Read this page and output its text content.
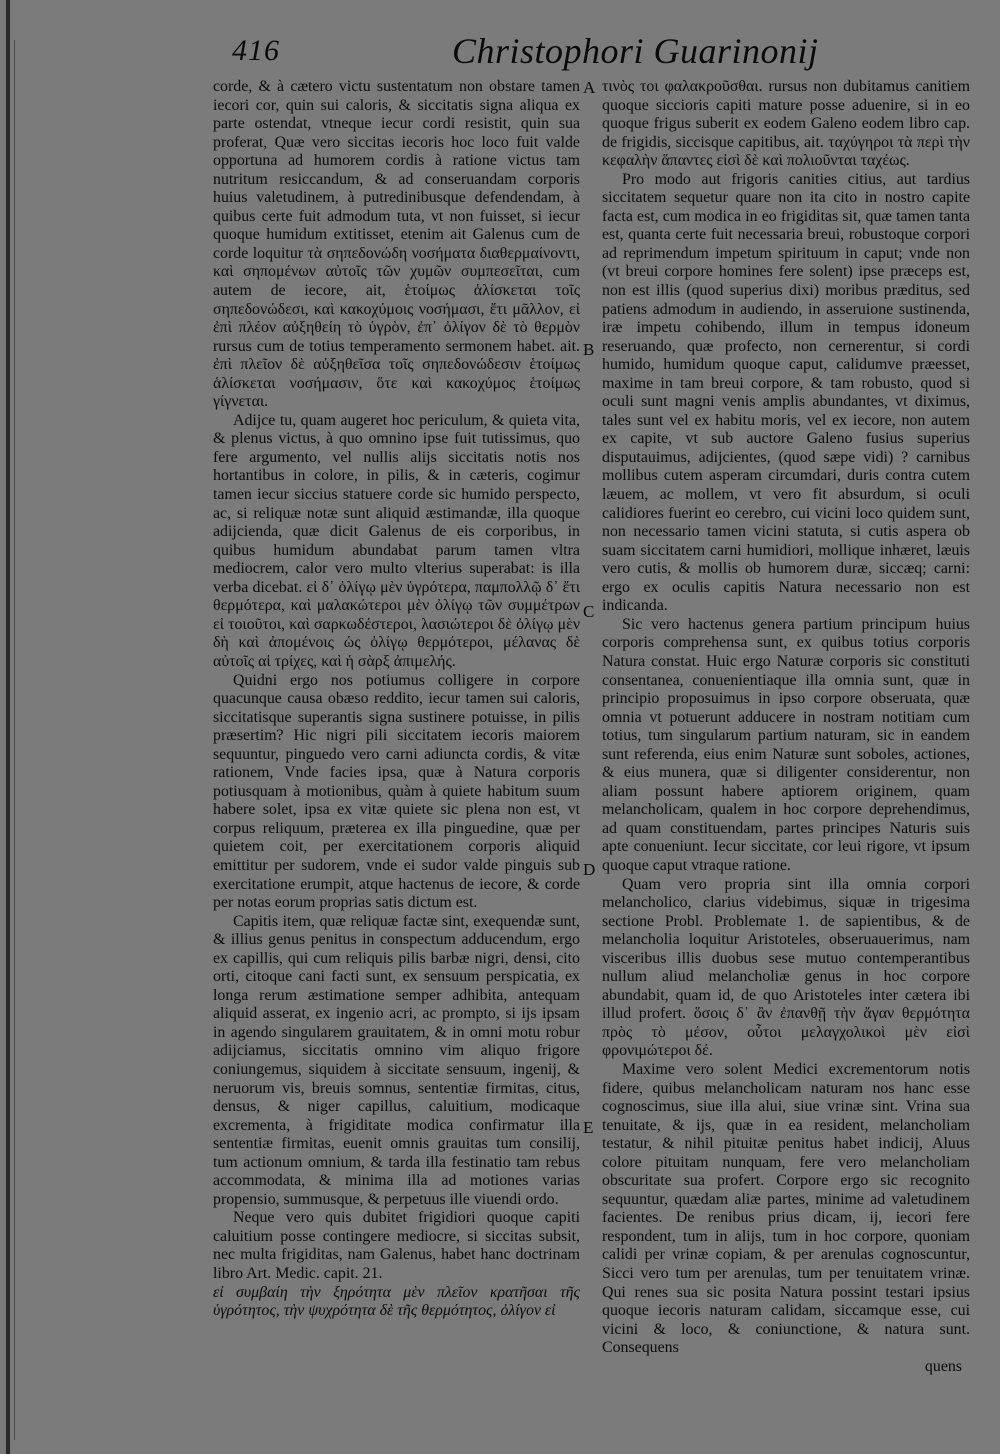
416	Christophori Guarinonij
A
B
C
D
E

corde, & à cætero victu sustentatum non obstare tamen iecori cor, quin sui caloris, & siccitatis signa aliqua ex parte ostendat, vtneque iecur cordi resistit, quin sua proferat, Quæ vero siccitas iecoris hoc loco fuit valde opportuna ad humorem cordis à ratione victus tam nutritum resiccandum, & ad conseruandam corporis huius valetudinem, à putredinibusque defendendam, à quibus certe fuit admodum tuta, vt non fuisset, si iecur quoque humidum extitisset, etenim ait Galenus cum de corde loquitur τὰ σηπεδονώδη νοσήματα διαθερμαίνοντι, καὶ σηπομένων αὐτοῖς τῶν χυμῶν συμπεσεῖται, cum autem de iecore, ait, ἑτοίμως ἁλίσκεται τοῖς σηπεδονώδεσι, καὶ κακοχύμοις νοσήμασι, ἔτι μᾶλλον, εἰ ἐπὶ πλέον αὐξηθείη τὸ ὑγρὸν, ἐπ᾿ ὀλίγον δὲ τὸ θερμὸν rursus cum de totius temperamento sermonem habet. ait. ἐπὶ πλεῖον δὲ αὐξηθεῖσα τοῖς σηπεδονώδεσιν ἑτοίμως ἁλίσκεται νοσήμασιν, ὅτε καὶ κακοχύμος ἑτοίμως γίγνεται.

Adijce tu, quam augeret hoc periculum, & quieta vita, & plenus victus, à quo omnino ipse fuit tutissimus, quo fere argumento, vel nullis alijs siccitatis notis nos hortantibus in colore, in pilis, & in cæteris, cogimur tamen iecur siccius statuere corde sic humido perspecto, ac, si reliquæ notæ sunt aliquid æstimandæ, illa quoque adijcienda, quæ dicit Galenus de eis corporibus, in quibus humidum abundabat parum tamen vltra mediocrem, calor vero multo vlterius superabat: is illa verba dicebat. εἰ δ᾿ ὀλίγῳ μὲν ὑγρότερα, παμπολλῷ δ᾿ ἔτι θερμότερα, καὶ μαλακώτεροι μὲν ὀλίγῳ τῶν συμμέτρων εἰ τοιοῦτοι, καὶ σαρκωδέστεροι, λασιώτεροι δὲ ὀλίγῳ μὲν δὴ καὶ ἀπομένοις ὡς ὀλίγῳ θερμότεροι, μέλανας δὲ αὐτοῖς αἱ τρίχες, καὶ ἡ σὰρξ ἀπιμελής.

Quidni ergo nos potiumus colligere in corpore quacunque causa obæso reddito, iecur tamen sui caloris, siccitatisque superantis signa sustinere potuisse, in pilis præsertim? Hic nigri pili siccitatem iecoris maiorem sequuntur, pinguedo vero carni adiuncta cordis, & vitæ rationem, Vnde facies ipsa, quæ à Natura corporis potiusquam à motionibus, quàm à quiete habitum suum habere solet, ipsa ex vitæ quiete sic plena non est, vt corpus reliquum, præterea ex illa pinguedine, quæ per quietem coit, per exercitationem corporis aliquid emittitur per sudorem, vnde ei sudor valde pinguis sub exercitatione erumpit, atque hactenus de iecore, & corde per notas eorum proprias satis dictum est.

Capitis item, quæ reliquæ factæ sint, exequendæ sunt, & illius genus penitus in conspectum adducendum, ergo ex capillis, qui cum reliquis pilis barbæ nigri, densi, cito orti, citoque cani facti sunt, ex sensuum perspicatia, ex longa rerum æstimatione semper adhibita, antequam aliquid asserat, ex ingenio acri, ac prompto, si ijs ipsam in agendo singularem grauitatem, & in omni motu robur adijciamus, siccitatis omnino vim aliquo frigore coniungemus, siquidem à siccitate sensuum, ingenij, & neruorum vis, breuis somnus, sententiæ firmitas, citus, densus, & niger capillus, caluitium, modicaque excrementa, à frigiditate modica confirmatur illa sententiæ firmitas, euenit omnis grauitas tum consilij, tum actionum omnium, & tarda illa festinatio tam rebus accommodata, & minima illa ad motiones varias propensio, summusque, & perpetuus ille viuendi ordo.

Neque vero quis dubitet frigidiori quoque capiti caluitium posse contingere mediocre, si siccitas subsit, nec multa frigiditas, nam Galenus, habet hanc doctrinam libro Art. Medic. capit. 21.

εἰ συμβαίη τὴν ξηρότητα μὲν πλεῖον κρατῆσαι τῆς ὑγρότητος, τὴν ψυχρότητα δὲ τῆς θερμότητος, ὀλίγον εἰ

τινὸς τοι φαλακροῦσθαι. rursus non dubitamus canitiem quoque siccioris capiti mature posse aduenire, si in eo quoque frigus suberit ex eodem Galeno eodem libro cap. de frigidis, siccisque capitibus, ait. ταχύγηροι τὰ περὶ τὴν κεφαλὴν ἅπαντες εἰσὶ δὲ καὶ πολιοῦνται ταχέως.

Pro modo aut frigoris canities citius, aut tardius siccitatem sequetur quare non ita cito in nostro capite facta est, cum modica in eo frigiditas sit, quæ tamen tanta est, quanta certe fuit necessaria breui, robustoque corpori ad reprimendum impetum spirituum in caput; vnde non (vt breui corpore homines fere solent) ipse præceps est, non est illis (quod superius dixi) moribus præditus, sed patiens admodum in audiendo, in asseruione sustinenda, iræ impetu cohibendo, illum in tempus idoneum reseruando, quæ profecto, non cernerentur, si cordi humido, humidum quoque caput, calidumve præesset, maxime in tam breui corpore, & tam robusto, quod si oculi sunt magni venis amplis abundantes, vt diximus, tales sunt vel ex habitu moris, vel ex iecore, non autem ex capite, vt sub auctore Galeno fusius superius disputauimus, adijcientes, (quod sæpe vidi) ? carnibus mollibus cutem asperam circumdari, duris contra cutem læuem, ac mollem, vt vero fit absurdum, si oculi calidiores fuerint eo cerebro, cui vicini loco quidem sunt, non necessario tamen vicini statuta, si cutis aspera ob suam siccitatem carni humidiori, mollique inhæret, læuis vero cutis, & mollis ob humorem duræ, siccæq; carni: ergo ex oculis capitis Natura necessario non est indicanda.

Sic vero hactenus genera partium principum huius corporis comprehensa sunt, ex quibus totius corporis Natura constat. Huic ergo Naturæ corporis sic constituti consentanea, conuenientiaque illa omnia sunt, quæ in principio proposuimus in ipso corpore obseruata, quæ omnia vt potuerunt adducere in nostram notitiam cum totius, tum singularum partium naturam, sic in eandem sunt referenda, eius enim Naturæ sunt soboles, actiones, & eius munera, quæ si diligenter considerentur, non aliam possunt habere aptiorem originem, quam melancholicam, qualem in hoc corpore deprehendimus, ad quam constituendam, partes principes Naturis suis apte conueniunt. Iecur siccitate, cor leui rigore, vt ipsum quoque caput vtraque ratione.

Quam vero propria sint illa omnia corpori melancholico, clarius videbimus, siquæ in trigesima sectione Probl. Problemate 1. de sapientibus, & de melancholia loquitur Aristoteles, obseruauerimus, nam visceribus illis duobus sese mutuo contemperantibus nullum aliud melancholiæ genus in hoc corpore abundabit, quam id, de quo Aristoteles inter cætera ibi illud profert. ὅσοις δ᾿ ἂν ἐπανθῇ τὴν ἄγαν θερμότητα πρὸς τὸ μέσον, οὗτοι μελαγχολικοὶ μὲν εἰσὶ φρονιμώτεροι δέ.

Maxime vero solent Medici excrementorum notis fidere, quibus melancholicam naturam nos hanc esse cognoscimus, siue illa alui, siue vrinæ sint. Vrina sua tenuitate, & ijs, quæ in ea resident, melancholiam testatur, & nihil pituitæ penitus habet indicij, Aluus colore pituitam nunquam, fere vero melancholiam obscuritate sua profert. Corpore ergo sic recognito sequuntur, quædam aliæ partes, minime ad valetudinem facientes. De renibus prius dicam, ij, iecori fere respondent, tum in alijs, tum in hoc corpore, quoniam calidi per vrinæ copiam, & per arenulas cognoscuntur, Sicci vero tum per arenulas, tum per tenuitatem vrinæ. Qui renes sua sic posita Natura possint testari ipsius quoque iecoris naturam calidam, siccamque esse, cui vicini & loco, & coniunctione, & natura sunt. Consequens

quens
